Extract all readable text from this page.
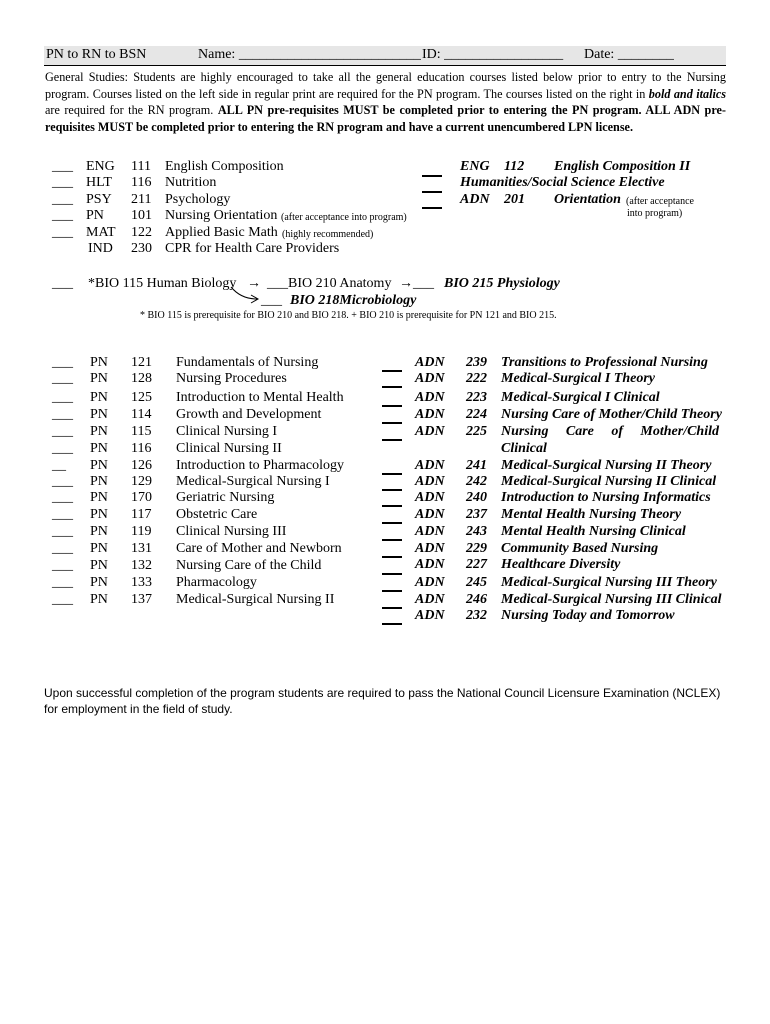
PN to RN to BSN	Name: __________________________ ID: _________________ Date: ________
General Studies: Students are highly encouraged to take all the general education courses listed below prior to entry to the Nursing program. Courses listed on the left side in regular print are required for the PN program. The courses listed on the right in bold and italics are required for the RN program. ALL PN pre-requisites MUST be completed prior to entering the PN program. ALL ADN pre-requisites MUST be completed prior to entering the RN program and have a current unencumbered LPN license.
___ ENG 111 English Composition
___ HLT 116 Nutrition
___ PSY 211 Psychology
___ PN 101 Nursing Orientation (after acceptance into program)
___ MAT 122 Applied Basic Math (highly recommended)
IND 230 CPR for Health Care Providers
ENG 112 English Composition II
Humanities/Social Science Elective
ADN 201 Orientation (after acceptance
into program)
___ *BIO 115 Human Biology → ___BIO 210 Anatomy →___ BIO 215 Physiology
___ BIO 218Microbiology
* BIO 115 is prerequisite for BIO 210 and BIO 218. + BIO 210 is prerequisite for PN 121 and BIO 215.
___ PN 121 Fundamentals of Nursing
___ PN 128 Nursing Procedures
___ PN 125 Introduction to Mental Health
___ PN 114 Growth and Development
___ PN 115 Clinical Nursing I
___ PN 116 Clinical Nursing II
__ PN 126 Introduction to Pharmacology
___ PN 129 Medical-Surgical Nursing I
___ PN 170 Geriatric Nursing
___ PN 117 Obstetric Care
___ PN 119 Clinical Nursing III
___ PN 131 Care of Mother and Newborn
___ PN 132 Nursing Care of the Child
___ PN 133 Pharmacology
___ PN 137 Medical-Surgical Nursing II
ADN 239 Transitions to Professional Nursing
ADN 222 Medical-Surgical I Theory
ADN 223 Medical-Surgical I Clinical
ADN 224 Nursing Care of Mother/Child Theory
ADN 225 Nursing Care of Mother/Child
Clinical
ADN 241 Medical-Surgical Nursing II Theory
ADN 242 Medical-Surgical Nursing II Clinical
ADN 240 Introduction to Nursing Informatics
ADN 237 Mental Health Nursing Theory
ADN 243 Mental Health Nursing Clinical
ADN 229 Community Based Nursing
ADN 227 Healthcare Diversity
ADN 245 Medical-Surgical Nursing III Theory
ADN 246 Medical-Surgical Nursing III Clinical
ADN 232 Nursing Today and Tomorrow
Upon successful completion of the program students are required to pass the National Council Licensure Examination (NCLEX) for employment in the field of study.
